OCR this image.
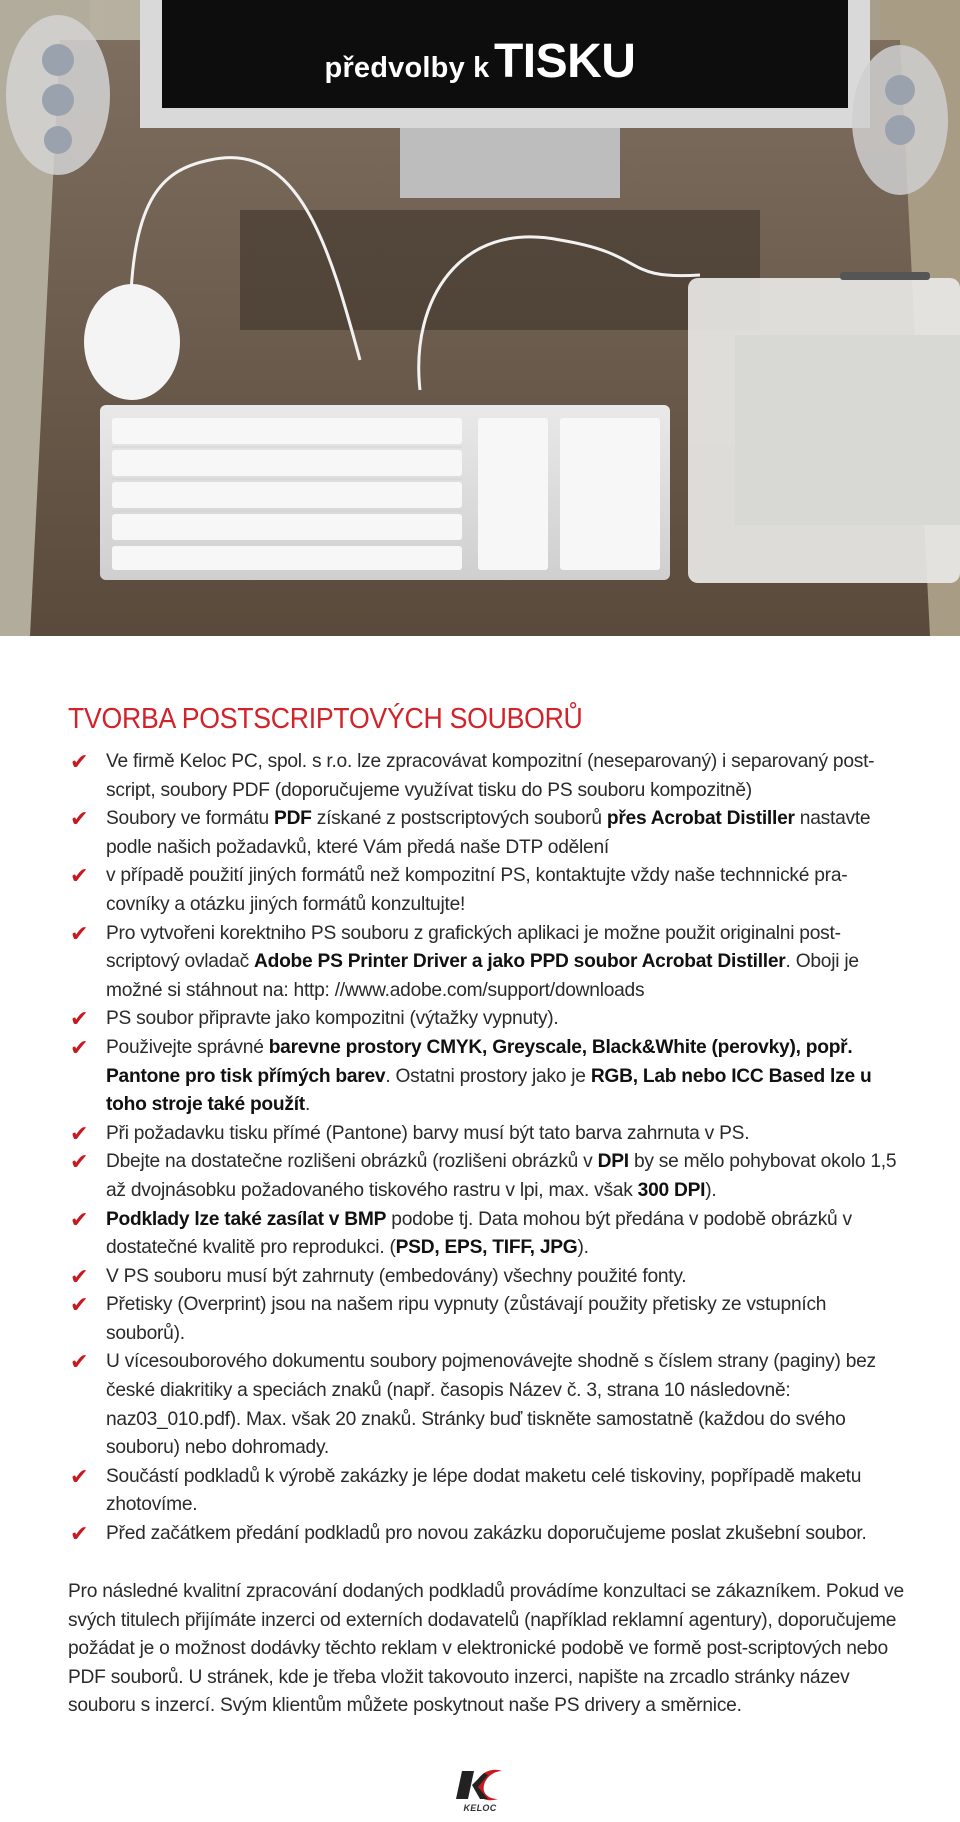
předvolby k TISKU
TVORBA POSTSCRIPTOVÝCH SOUBORŮ
✔ Ve firmě Keloc PC, spol. s r.o. lze zpracovávat kompozitní (neseparovaný) i separovaný post-script, soubory PDF (doporučujeme využívat tisku do PS souboru kompozitně)
✔ Soubory ve formátu PDF získané z postscriptových souborů přes Acrobat Distiller nastavte podle našich požadavků, které Vám předá naše DTP odělení
✔ v případě použití jiných formátů než kompozitní PS, kontaktujte vždy naše technnické pra-covníky a otázku jiných formátů konzultujte!
✔ Pro vytvořeni korektniho PS souboru z grafických aplikaci je možne použit originalni post-scriptový ovladač Adobe PS Printer Driver a jako PPD soubor Acrobat Distiller. Oboji je možné si stáhnout na: http: //www.adobe.com/support/downloads
✔ PS soubor připravte jako kompozitni (výtažky vypnuty).
✔ Použivejte správné barevne prostory CMYK, Greyscale, Black&White (perovky), popř. Pantone pro tisk přímých barev. Ostatni prostory jako je RGB, Lab nebo ICC Based lze u toho stroje také použít.
✔ Při požadavku tisku přímé (Pantone) barvy musí být tato barva zahrnuta v PS.
✔ Dbejte na dostatečne rozlišeni obrázků (rozlišeni obrázků v DPI by se mělo pohybovat okolo 1,5 až dvojnásobku požadovaného tiskového rastru v lpi, max. však 300 DPI).
✔ Podklady lze také zasílat v BMP podobe tj. Data mohou být předána v podobě obrázků v dostatečné kvalitě pro reprodukci. (PSD, EPS, TIFF, JPG).
✔ V PS souboru musí být zahrnuty (embedovány) všechny použité fonty.
✔ Přetisky (Overprint) jsou na našem ripu vypnuty (zůstávají použity přetisky ze vstupních souborů).
✔ U vícesouborového dokumentu soubory pojmenovávejte shodně s číslem strany (paginy) bez české diakritiky a speciách znaků (např. časopis Název č. 3, strana 10 následovně: naz03_010.pdf). Max. však 20 znaků. Stránky buď tiskněte samostatně (každou do svého souboru) nebo dohromady.
✔ Součástí podkladů k výrobě zakázky je lépe dodat maketu celé tiskoviny, popřípadě maketu zhotovíme.
✔ Před začátkem předání podkladů pro novou zakázku doporučujeme poslat zkušební soubor.

Pro následné kvalitní zpracování dodaných podkladů provádíme konzultaci se zákazníkem. Pokud ve svých titulech přijímáte inzerci od externích dodavatelů (například reklamní agentury), doporučujeme požádat je o možnost dodávky těchto reklam v elektronické podobě ve formě post-scriptových nebo PDF souborů. U stránek, kde je třeba vložit takovouto inzerci, napište na zrcadlo stránky název souboru s inzercí. Svým klientům můžete poskytnout naše PS drivery a směrnice.

KELOC
